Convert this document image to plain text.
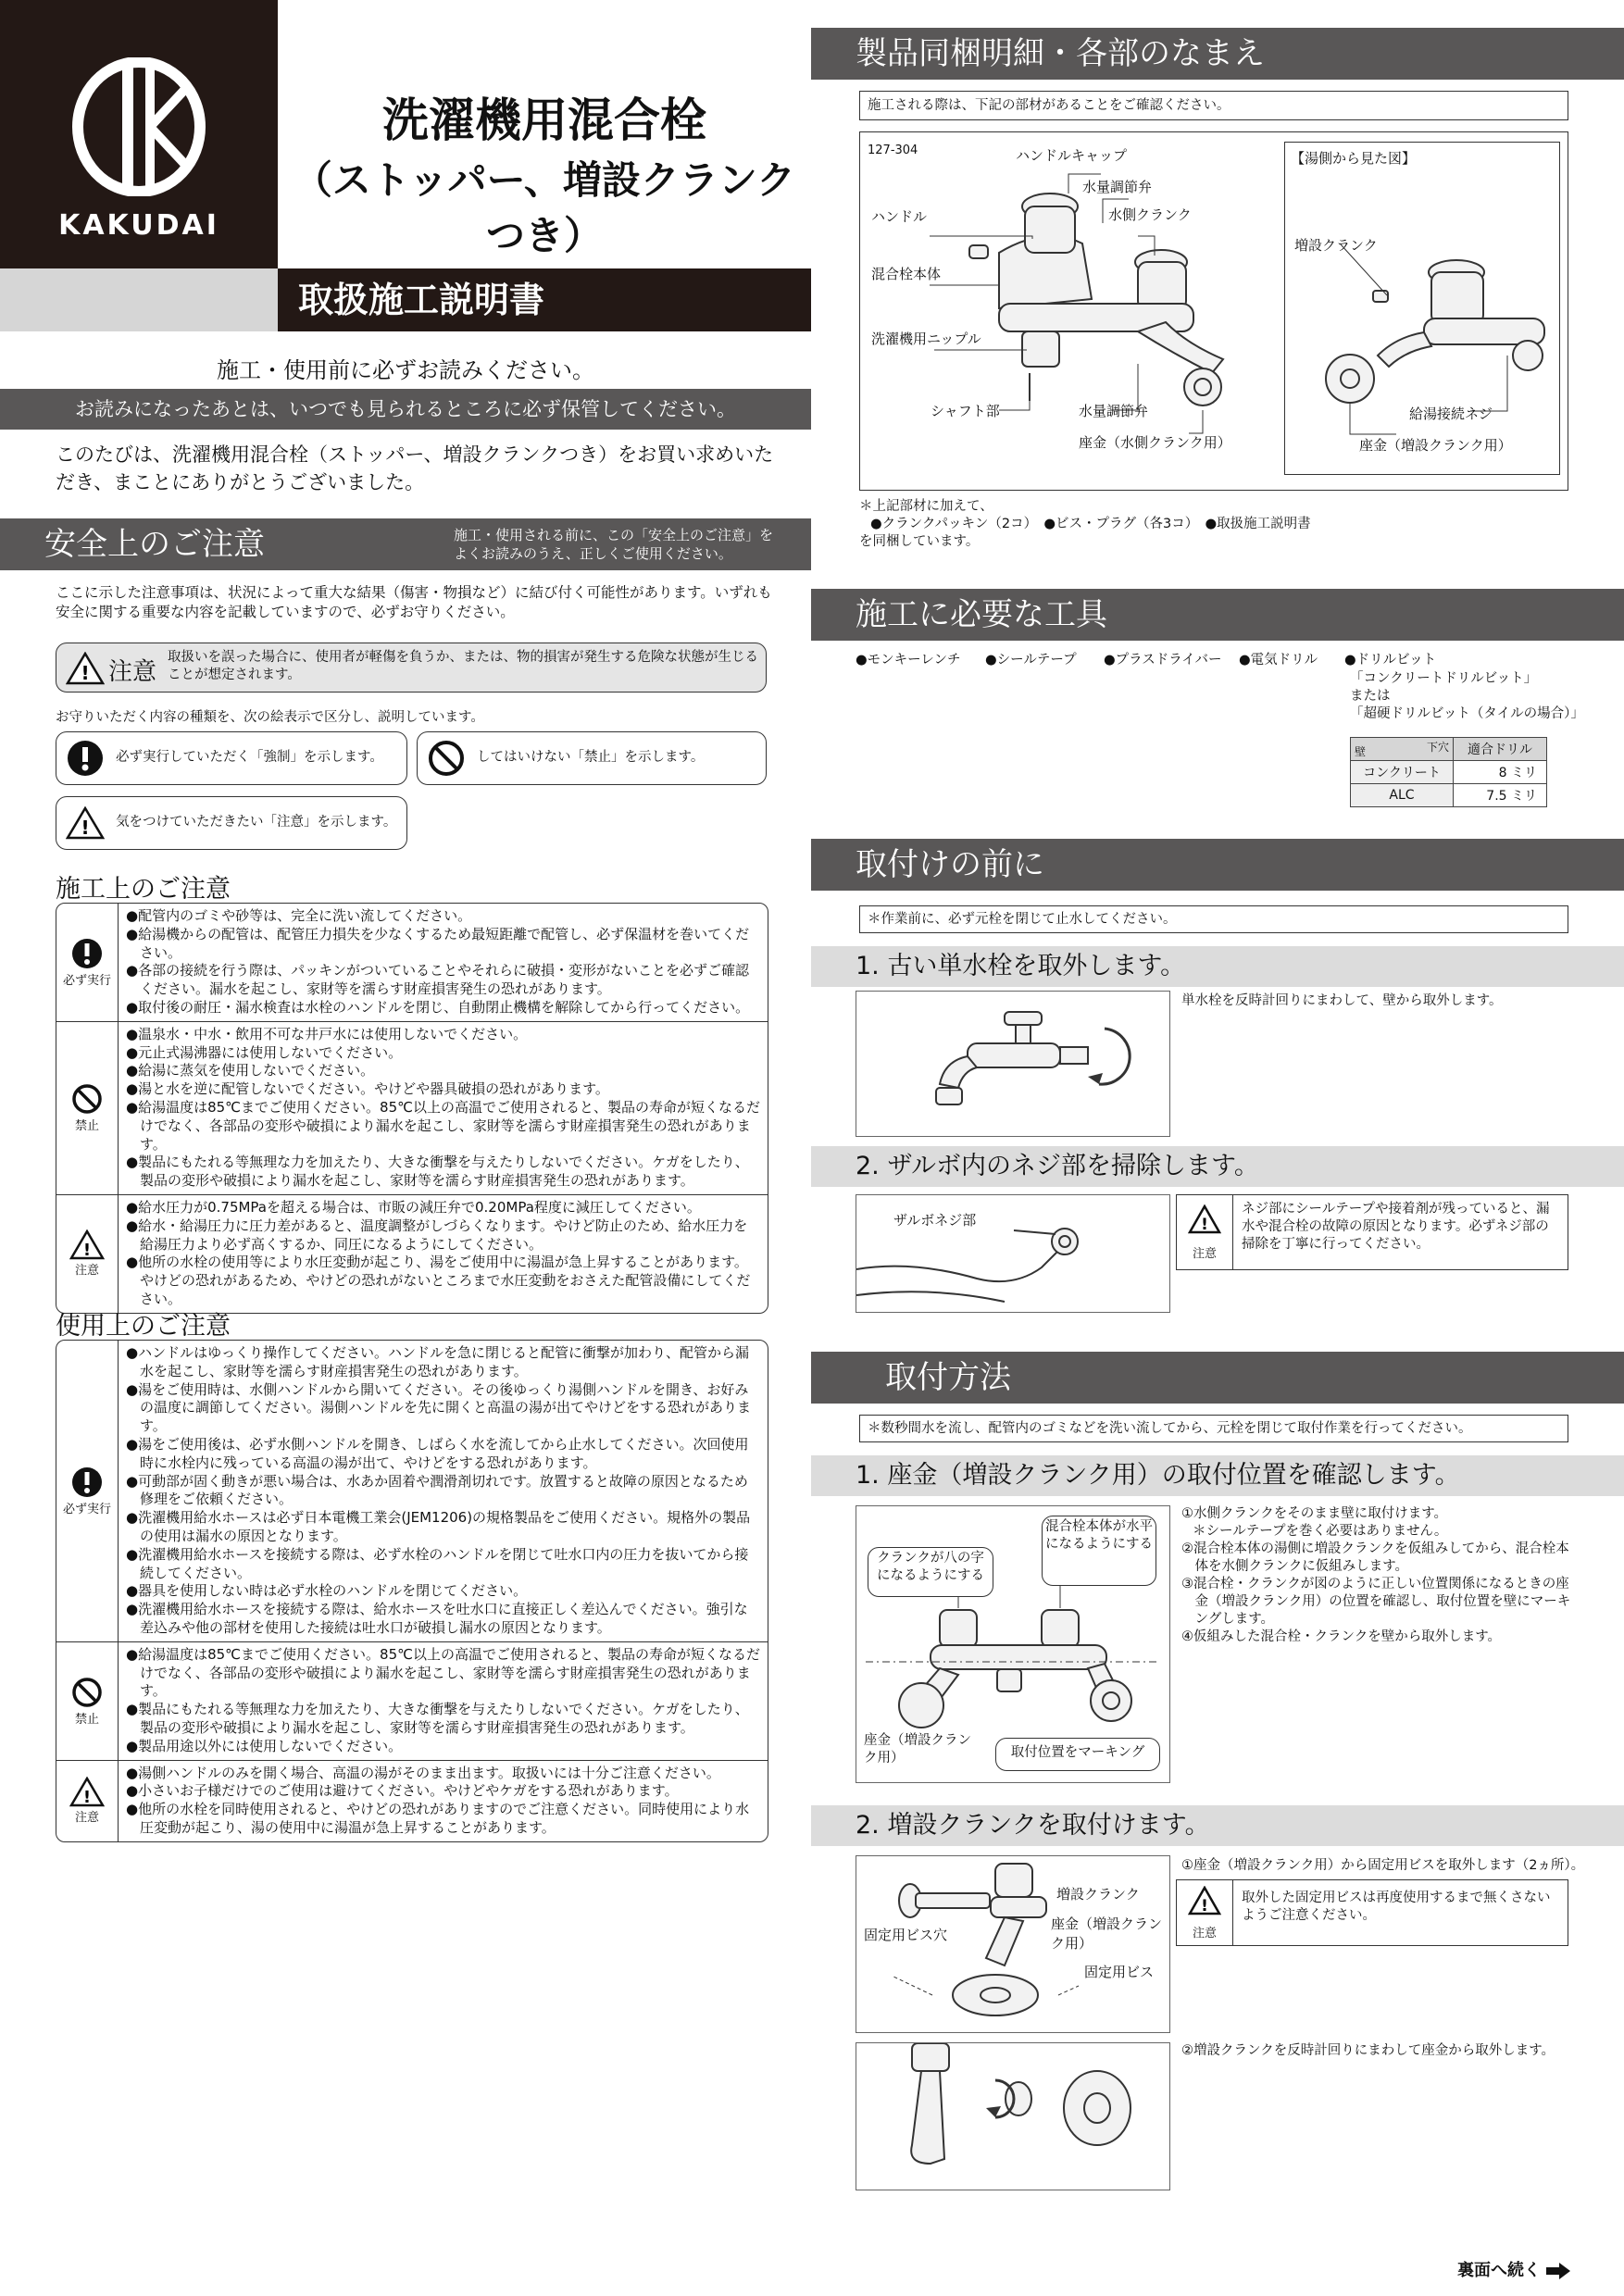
KAKUDAI
洗濯機用混合栓
（ストッパー、増設クランクつき）
取扱施工説明書
施工・使用前に必ずお読みください。
お読みになったあとは、いつでも見られるところに必ず保管してください。
このたびは、洗濯機用混合栓（ストッパー、増設クランクつき）をお買い求めいただき、まことにありがとうございました。
安全上のご注意	施工・使用される前に、この「安全上のご注意」をよくお読みのうえ、正しくご使用ください。
ここに示した注意事項は、状況によって重大な結果（傷害・物損など）に結び付く可能性があります。いずれも安全に関する重要な内容を記載していますので、必ずお守りください。
! 注意
取扱いを誤った場合に、使用者が軽傷を負うか、または、物的損害が発生する危険な状態が生じることが想定されます。
お守りいただく内容の種類を、次の絵表示で区分し、説明しています。
必ず実行していただく「強制」を示します。	してはいけない「禁止」を示します。
! 気をつけていただきたい「注意」を示します。
施工上のご注意
必ず実行
●配管内のゴミや砂等は、完全に洗い流してください。
●給湯機からの配管は、配管圧力損失を少なくするため最短距離で配管し、必ず保温材を巻いてください。
●各部の接続を行う際は、パッキンがついていることやそれらに破損・変形がないことを必ずご確認ください。漏水を起こし、家財等を濡らす財産損害発生の恐れがあります。
●取付後の耐圧・漏水検査は水栓のハンドルを閉じ、自動閉止機構を解除してから行ってください。
禁止
●温泉水・中水・飲用不可な井戸水には使用しないでください。
●元止式湯沸器には使用しないでください。
●給湯に蒸気を使用しないでください。
●湯と水を逆に配管しないでください。やけどや器具破損の恐れがあります。
●給湯温度は85℃までご使用ください。85℃以上の高温でご使用されると、製品の寿命が短くなるだけでなく、各部品の変形や破損により漏水を起こし、家財等を濡らす財産損害発生の恐れがあります。
●製品にもたれる等無理な力を加えたり、大きな衝撃を与えたりしないでください。ケガをしたり、製品の変形や破損により漏水を起こし、家財等を濡らす財産損害発生の恐れがあります。
!
注意
●給水圧力が0.75MPaを超える場合は、市販の減圧弁で0.20MPa程度に減圧してください。
●給水・給湯圧力に圧力差があると、温度調整がしづらくなります。やけど防止のため、給水圧力を給湯圧力より必ず高くするか、同圧になるようにしてください。
●他所の水栓の使用等により水圧変動が起こり、湯をご使用中に湯温が急上昇することがあります。やけどの恐れがあるため、やけどの恐れがないところまで水圧変動をおさえた配管設備にしてください。
使用上のご注意
必ず実行
●ハンドルはゆっくり操作してください。ハンドルを急に閉じると配管に衝撃が加わり、配管から漏水を起こし、家財等を濡らす財産損害発生の恐れがあります。
●湯をご使用時は、水側ハンドルから開いてください。その後ゆっくり湯側ハンドルを開き、お好みの温度に調節してください。湯側ハンドルを先に開くと高温の湯が出てやけどをする恐れがあります。
●湯をご使用後は、必ず水側ハンドルを開き、しばらく水を流してから止水してください。次回使用時に水栓内に残っている高温の湯が出て、やけどをする恐れがあります。
●可動部が固く動きが悪い場合は、水あか固着や潤滑剤切れです。放置すると故障の原因となるため修理をご依頼ください。
●洗濯機用給水ホースは必ず日本電機工業会(JEM1206)の規格製品をご使用ください。規格外の製品の使用は漏水の原因となります。
●洗濯機用給水ホースを接続する際は、必ず水栓のハンドルを閉じて吐水口内の圧力を抜いてから接続してください。
●器具を使用しない時は必ず水栓のハンドルを閉じてください。
●洗濯機用給水ホースを接続する際は、給水ホースを吐水口に直接正しく差込んでください。強引な差込みや他の部材を使用した接続は吐水口が破損し漏水の原因となります。
禁止
●給湯温度は85℃までご使用ください。85℃以上の高温でご使用されると、製品の寿命が短くなるだけでなく、各部品の変形や破損により漏水を起こし、家財等を濡らす財産損害発生の恐れがあります。
●製品にもたれる等無理な力を加えたり、大きな衝撃を与えたりしないでください。ケガをしたり、製品の変形や破損により漏水を起こし、家財等を濡らす財産損害発生の恐れがあります。
●製品用途以外には使用しないでください。
!
注意
●湯側ハンドルのみを開く場合、高温の湯がそのまま出ます。取扱いには十分ご注意ください。
●小さいお子様だけでのご使用は避けてください。やけどやケガをする恐れがあります。
●他所の水栓を同時使用されると、やけどの恐れがありますのでご注意ください。同時使用により水圧変動が起こり、湯の使用中に湯温が急上昇することがあります。
製品同梱明細・各部のなまえ
施工される際は、下記の部材があることをご確認ください。
127-304	ハンドルキャップ
水量調節弁
ハンドル	水側クランク
混合栓本体
洗濯機用ニップル
シャフト部	水量調節弁
座金（水側クランク用）
【湯側から見た図】
増設クランク
給湯接続ネジ
座金（増設クランク用）
＊上記部材に加えて、
●クランクパッキン（2コ）　●ビス・プラグ（各3コ）　●取扱施工説明書
を同梱しています。
施工に必要な工具
●モンキーレンチ ●シールテープ ●プラスドライバー ●電気ドリル ●ドリルビット
「コンクリートドリルビット」
または
「超硬ドリルビット（タイルの場合）」
壁 下穴	適合ドリル
コンクリート	8 ミリ
ALC	7.5 ミリ
取付けの前に
＊作業前に、必ず元栓を閉じて止水してください。
1. 古い単水栓を取外します。
単水栓を反時計回りにまわして、壁から取外します。
2. ザルボ内のネジ部を掃除します。
ザルボネジ部	!
注意
ネジ部にシールテープや接着剤が残っていると、漏水や混合栓の故障の原因となります。必ずネジ部の掃除を丁寧に行ってください。
取付方法
＊数秒間水を流し、配管内のゴミなどを洗い流してから、元栓を閉じて取付作業を行ってください。
1. 座金（増設クランク用）の取付位置を確認します。
クランクが八の字になるようにする
混合栓本体が水平になるようにする
座金（増設クランク用）	取付位置をマーキング
①水側クランクをそのまま壁に取付けます。
＊シールテープを巻く必要はありません。
②混合栓本体の湯側に増設クランクを仮組みしてから、混合栓本体を水側クランクに仮組みします。
③混合栓・クランクが図のように正しい位置関係になるときの座金（増設クランク用）の位置を確認し、取付位置を壁にマーキングします。
④仮組みした混合栓・クランクを壁から取外します。
2. 増設クランクを取付けます。
増設クランク
座金（増設クランク用）
固定用ビス穴
固定用ビス
①座金（増設クランク用）から固定用ビスを取外します（2ヵ所）。
!
注意
取外した固定用ビスは再度使用するまで無くさないようご注意ください。
②増設クランクを反時計回りにまわして座金から取外します。
裏面へ続く
